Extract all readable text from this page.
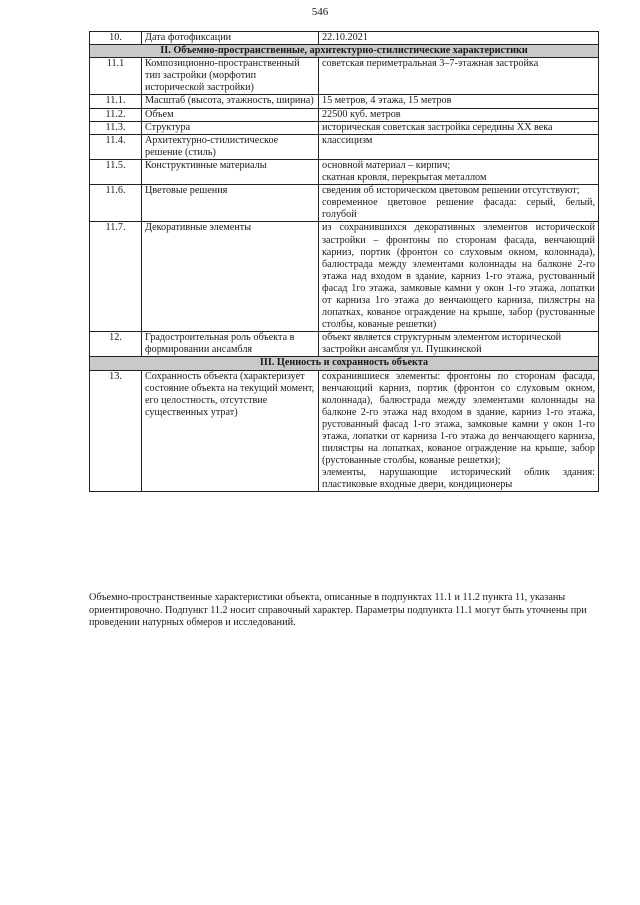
546
10.	Дата фотофиксации	22.10.2021

II. Объемно-пространственные, архитектурно-стилистические характеристики		
11.1	Композиционно-пространственный тип застройки (морфотип исторической застройки)	советская периметральная 3–7-этажная застройка

11.1.	Масштаб (высота, этажность, ширина)	15 метров, 4 этажа, 15 метров

11.2.	Объем	22500 куб. метров

11.3.	Структура	историческая советская застройка середины XX века

11.4.	Архитектурно-стилистическое решение (стиль)	классицизм

11.5.	Конструктивные материалы	основной материал – кирпич;
скатная кровля, перекрытая металлом

11.6.	Цветовые решения	сведения об историческом цветовом решении отсутствуют;
современное цветовое решение фасада: серый, белый, голубой

11.7.	Декоративные элементы	из сохранившихся декоративных элементов исторической застройки – фронтоны по сторонам фасада, венчающий карниз, портик (фронтон со слуховым окном, колоннада), балюстрада между элементами колоннады на балконе 2-го этажа над входом в здание, карниз 1-го этажа, рустованный фасад 1го этажа, замковые камни у окон 1-го этажа, лопатки от карниза 1го этажа до венчающего карниза, пилястры на лопатках, кованое ограждение на крыше, забор (рустованные столбы, кованые решетки)

12.	Градостроительная роль объекта в формировании ансамбля	объект является структурным элементом исторической застройки ансамбля ул. Пушкинской

III. Ценность и сохранность объекта		
13.	Сохранность объекта (характеризует состояние объекта на текущий момент, его целостность, отсутствие существенных утрат)	сохранившиеся элементы: фронтоны по сторонам фасада, венчающий карниз, портик (фронтон со слуховым окном, колоннада), балюстрада между элементами колоннады на балконе 2-го этажа над входом в здание, карниз 1-го этажа, рустованный фасад 1-го этажа, замковые камни у окон 1-го этажа, лопатки от карниза 1-го этажа до венчающего карниза, пилястры на лопатках, кованое ограждение на крыше, забор (рустованные столбы, кованые решетки);
элементы, нарушающие исторический облик здания: пластиковые входные двери, кондиционеры
Объемно-пространственные характеристики объекта, описанные в подпунктах 11.1 и 11.2 пункта 11, указаны ориентировочно. Подпункт 11.2 носит справочный характер. Параметры подпункта 11.1 могут быть уточнены при проведении натурных обмеров и исследований.
